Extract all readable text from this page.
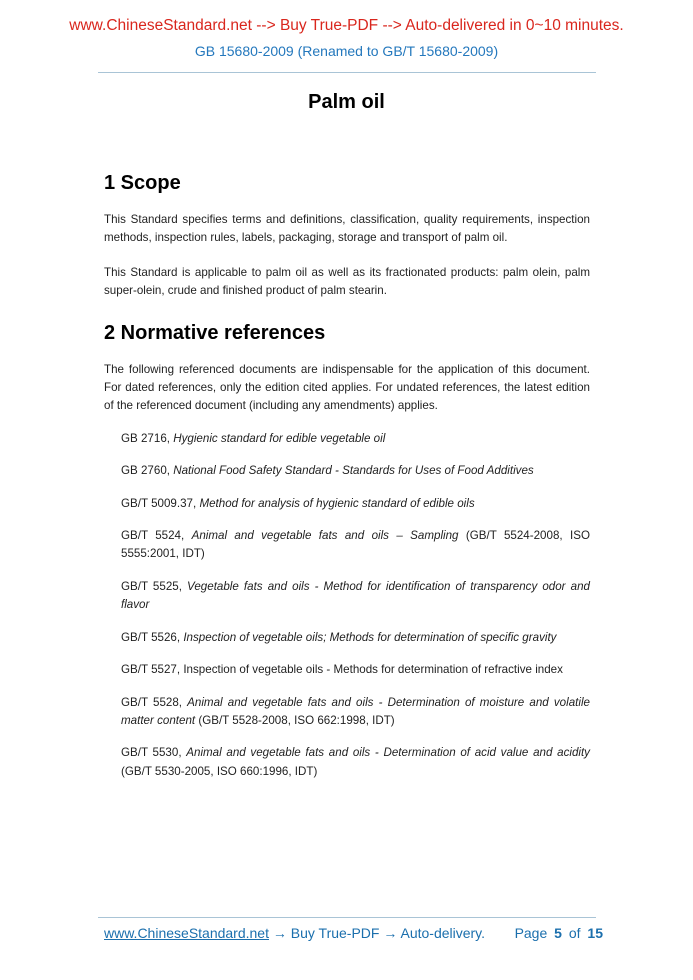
www.ChineseStandard.net --> Buy True-PDF --> Auto-delivered in 0~10 minutes.
GB 15680-2009 (Renamed to GB/T 15680-2009)
Palm oil
1 Scope

This Standard specifies terms and definitions, classification, quality requirements, inspection methods, inspection rules, labels, packaging, storage and transport of palm oil.

This Standard is applicable to palm oil as well as its fractionated products: palm olein, palm super-olein, crude and finished product of palm stearin.

2 Normative references

The following referenced documents are indispensable for the application of this document. For dated references, only the edition cited applies. For undated references, the latest edition of the referenced document (including any amendments) applies.

GB 2716, Hygienic standard for edible vegetable oil

GB 2760, National Food Safety Standard - Standards for Uses of Food Additives

GB/T 5009.37, Method for analysis of hygienic standard of edible oils

GB/T 5524, Animal and vegetable fats and oils – Sampling (GB/T 5524-2008, ISO 5555:2001, IDT)

GB/T 5525, Vegetable fats and oils - Method for identification of transparency odor and flavor

GB/T 5526, Inspection of vegetable oils; Methods for determination of specific gravity

GB/T 5527, Inspection of vegetable oils - Methods for determination of refractive index

GB/T 5528, Animal and vegetable fats and oils - Determination of moisture and volatile matter content (GB/T 5528-2008, ISO 662:1998, IDT)

GB/T 5530, Animal and vegetable fats and oils - Determination of acid value and acidity (GB/T 5530-2005, ISO 660:1996, IDT)

www.ChineseStandard.net → Buy True-PDF → Auto-delivery. Page 5 of 15
